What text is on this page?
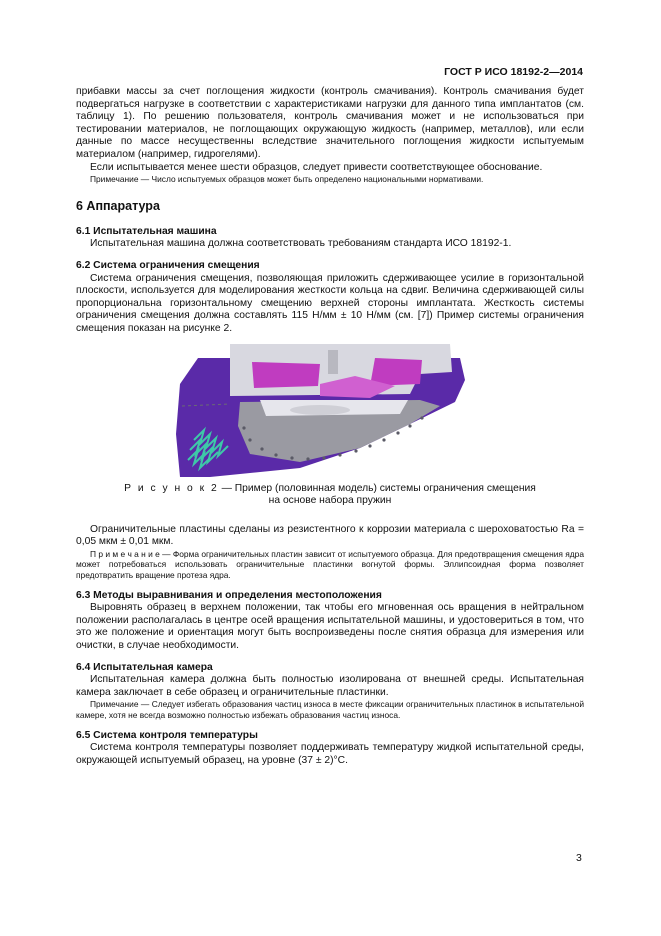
ГОСТ Р ИСО 18192-2—2014

прибавки массы за счет поглощения жидкости (контроль смачивания). Контроль смачивания будет подвергаться нагрузке в соответствии с характеристиками нагрузки для данного типа имплантатов (см. таблицу 1). По решению пользователя, контроль смачивания может и не использоваться при тестировании материалов, не поглощающих окружающую жидкость (например, металлов), или если данные по массе несущественны вследствие значительного поглощения жидкости испытуемым материалом (например, гидрогелями).

Если испытывается менее шести образцов, следует привести соответствующее обоснование.

Примечание — Число испытуемых образцов может быть определено национальными нормативами.

6 Аппаратура
6.1 Испытательная машина

Испытательная машина должна соответствовать требованиям стандарта ИСО 18192-1.

6.2 Система ограничения смещения

Система ограничения смещения, позволяющая приложить сдерживающее усилие в горизонтальной плоскости, используется для моделирования жесткости кольца на сдвиг. Величина сдерживающей силы пропорциональна горизонтальному смещению верхней стороны имплантата. Жесткость системы ограничения смещения должна составлять 115 Н/мм ± 10 Н/мм (см. [7]) Пример системы ограничения смещения показан на рисунке 2.

Р и с у н о к 2 — Пример (половинная модель) системы ограничения смещения
на основе набора пружин

Ограничительные пластины сделаны из резистентного к коррозии материала с шероховатостью Ra = 0,05 мкм ± 0,01 мкм.

П р и м е ч а н и е — Форма ограничительных пластин зависит от испытуемого образца. Для предотвращения смещения ядра может потребоваться использовать ограничительные пластинки вогнутой формы. Эллипсоидная форма позволяет предотвратить вращение протеза ядра.

6.3 Методы выравнивания и определения местоположения

Выровнять образец в верхнем положении, так чтобы его мгновенная ось вращения в нейтральном положении располагалась в центре осей вращения испытательной машины, и удостовериться в том, что это же положение и ориентация могут быть воспроизведены после снятия образца для измерения или очистки, в случае необходимости.

6.4 Испытательная камера

Испытательная камера должна быть полностью изолирована от внешней среды. Испытательная камера заключает в себе образец и ограничительные пластинки.

Примечание — Следует избегать образования частиц износа в месте фиксации ограничительных пластинок в испытательной камере, хотя не всегда возможно полностью избежать образования частиц износа.

6.5 Система контроля температуры

Система контроля температуры позволяет поддерживать температуру жидкой испытательной среды, окружающей испытуемый образец, на уровне (37 ± 2)°C.

3
